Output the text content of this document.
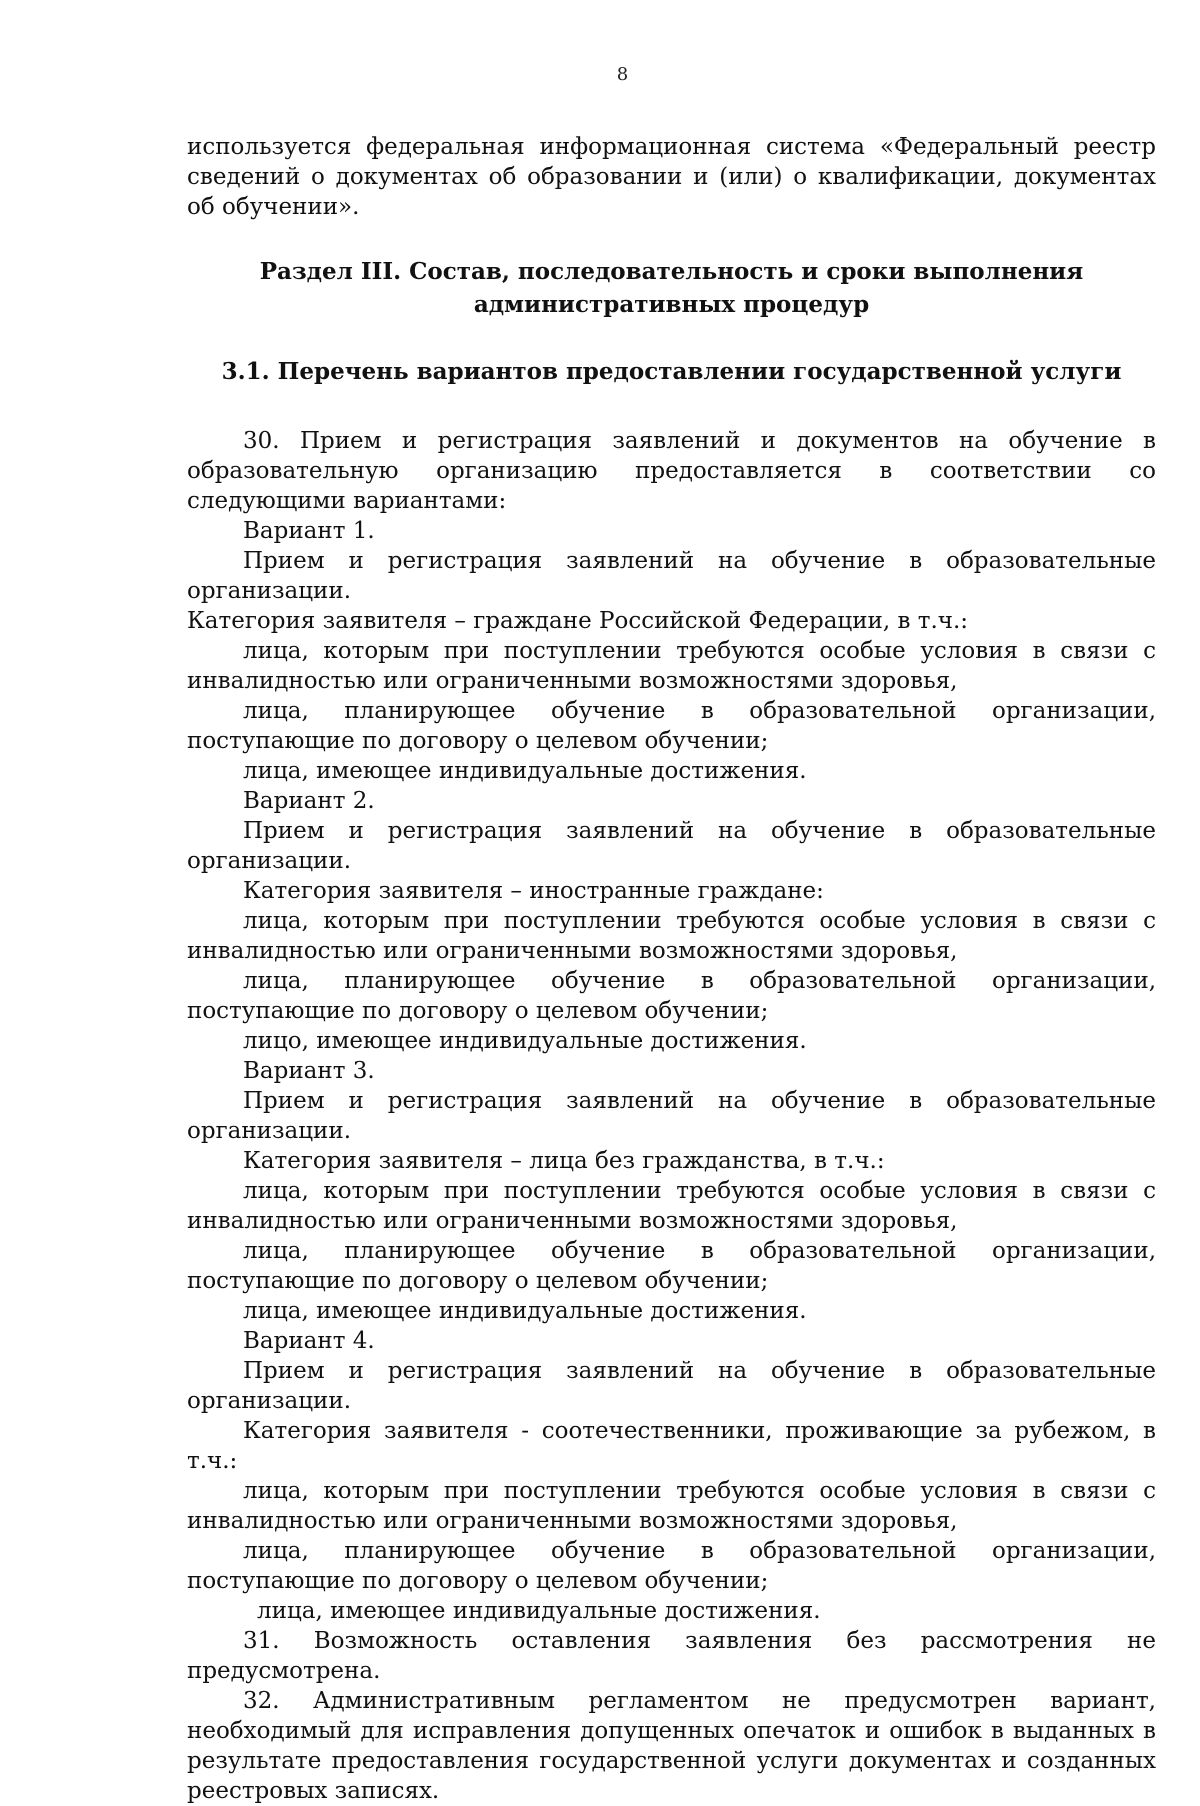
8

используется федеральная информационная система «Федеральный реестр сведений о документах об образовании и (или) о квалификации, документах об обучении».

Раздел III. Состав, последовательность и сроки выполнения административных процедур

3.1. Перечень вариантов предоставлении государственной услуги

30. Прием и регистрация заявлений и документов на обучение в образовательную организацию предоставляется в соответствии со следующими вариантами:

Вариант 1.

Прием и регистрация заявлений на обучение в образовательные организации.

Категория заявителя – граждане Российской Федерации, в т.ч.:

лица, которым при поступлении требуются особые условия в связи с инвалидностью или ограниченными возможностями здоровья,

лица, планирующее обучение в образовательной организации, поступающие по договору о целевом обучении;

лица, имеющее индивидуальные достижения.

Вариант 2.

Прием и регистрация заявлений на обучение в образовательные организации.

Категория заявителя – иностранные граждане:

лица, которым при поступлении требуются особые условия в связи с инвалидностью или ограниченными возможностями здоровья,

лица, планирующее обучение в образовательной организации, поступающие по договору о целевом обучении;

лицо, имеющее индивидуальные достижения.

Вариант 3.

Прием и регистрация заявлений на обучение в образовательные организации.

Категория заявителя – лица без гражданства, в т.ч.:

лица, которым при поступлении требуются особые условия в связи с инвалидностью или ограниченными возможностями здоровья,

лица, планирующее обучение в образовательной организации, поступающие по договору о целевом обучении;

лица, имеющее индивидуальные достижения.

Вариант 4.

Прием и регистрация заявлений на обучение в образовательные организации.

Категория заявителя - соотечественники, проживающие за рубежом, в т.ч.:

лица, которым при поступлении требуются особые условия в связи с инвалидностью или ограниченными возможностями здоровья,

лица, планирующее обучение в образовательной организации, поступающие по договору о целевом обучении;

лица, имеющее индивидуальные достижения.

31. Возможность оставления заявления без рассмотрения не предусмотрена.

32. Административным регламентом не предусмотрен вариант, необходимый для исправления допущенных опечаток и ошибок в выданных в результате предоставления государственной услуги документах и созданных реестровых записях.
